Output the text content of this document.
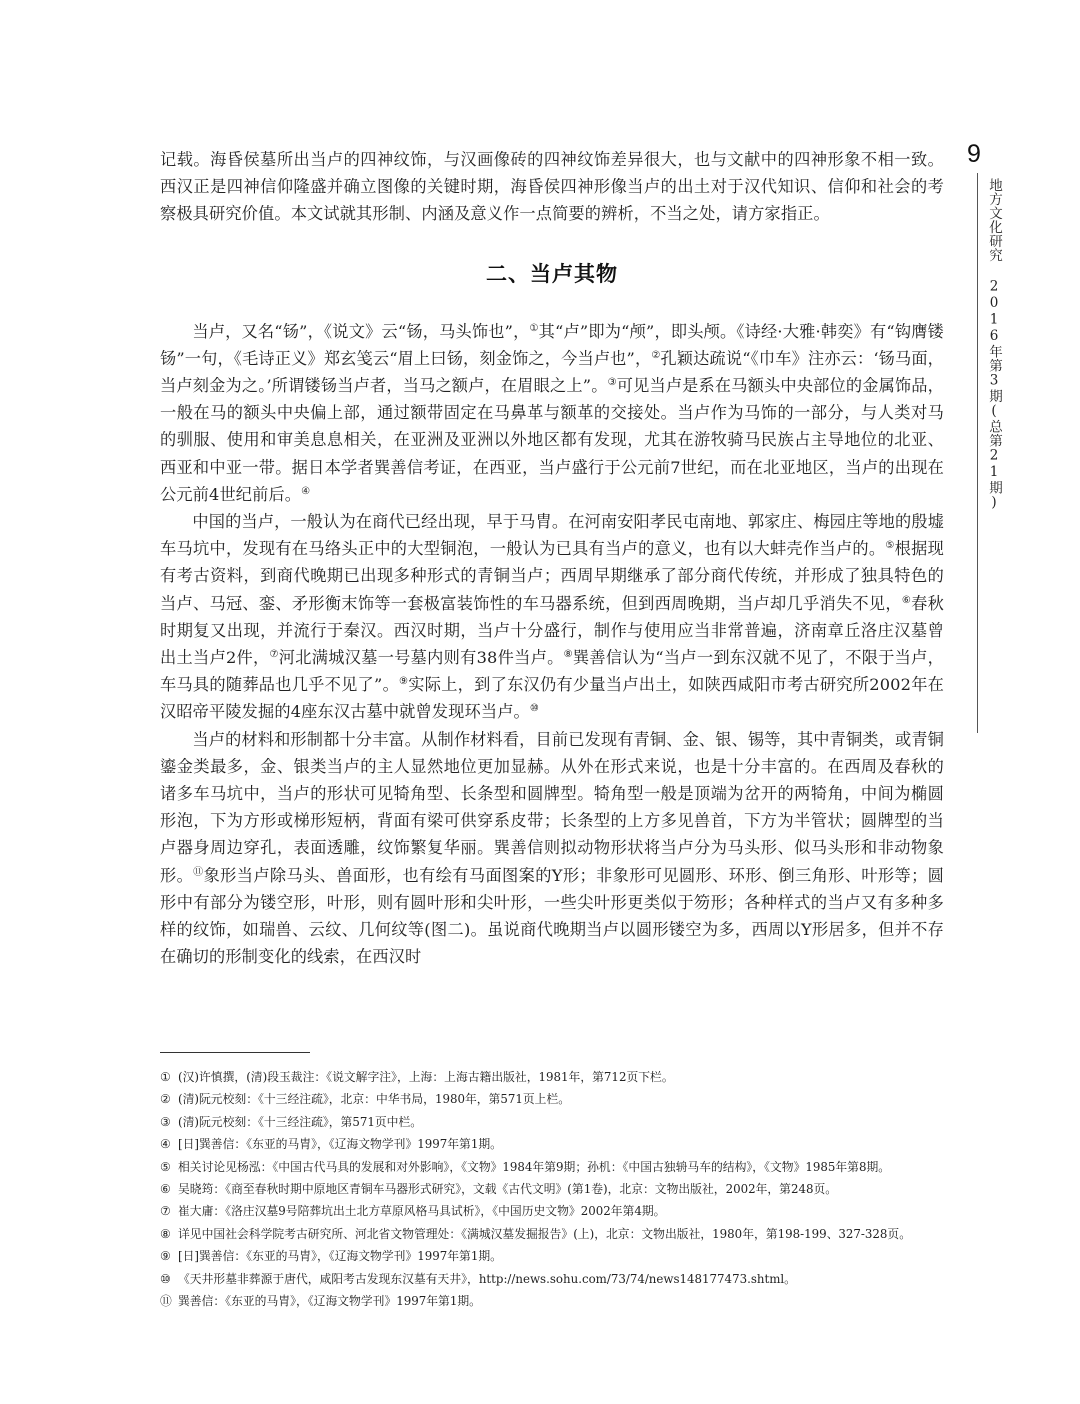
9
地方文化研究 2016年第3期(总第21期)

记载。海昏侯墓所出当卢的四神纹饰，与汉画像砖的四神纹饰差异很大，也与文献中的四神形象不相一致。西汉正是四神信仰隆盛并确立图像的关键时期，海昏侯四神形像当卢的出土对于汉代知识、信仰和社会的考察极具研究价值。本文试就其形制、内涵及意义作一点简要的辨析，不当之处，请方家指正。

二、当卢其物

当卢，又名“钖”，《说文》云“钖，马头饰也”，①其“卢”即为“颅”，即头颅。《诗经·大雅·韩奕》有“钩膺镂钖”一句，《毛诗正义》郑玄笺云“眉上曰钖，刻金饰之，今当卢也”，②孔颖达疏说“《巾车》注亦云：‘钖马面，当卢刻金为之。’所谓镂钖当卢者，当马之额卢，在眉眼之上”。③可见当卢是系在马额头中央部位的金属饰品，一般在马的额头中央偏上部，通过额带固定在马鼻革与额革的交接处。当卢作为马饰的一部分，与人类对马的驯服、使用和审美息息相关，在亚洲及亚洲以外地区都有发现，尤其在游牧骑马民族占主导地位的北亚、西亚和中亚一带。据日本学者巽善信考证，在西亚，当卢盛行于公元前7世纪，而在北亚地区，当卢的出现在公元前4世纪前后。④

中国的当卢，一般认为在商代已经出现，早于马胄。在河南安阳孝民屯南地、郭家庄、梅园庄等地的殷墟车马坑中，发现有在马络头正中的大型铜泡，一般认为已具有当卢的意义，也有以大蚌壳作当卢的。⑤根据现有考古资料，到商代晚期已出现多种形式的青铜当卢；西周早期继承了部分商代传统，并形成了独具特色的当卢、马冠、銮、矛形衡末饰等一套极富装饰性的车马器系统，但到西周晚期，当卢却几乎消失不见，⑥春秋时期复又出现，并流行于秦汉。西汉时期，当卢十分盛行，制作与使用应当非常普遍，济南章丘洛庄汉墓曾出土当卢2件，⑦河北满城汉墓一号墓内则有38件当卢。⑧巽善信认为“当卢一到东汉就不见了，不限于当卢，车马具的随葬品也几乎不见了”。⑨实际上，到了东汉仍有少量当卢出土，如陕西咸阳市考古研究所2002年在汉昭帝平陵发掘的4座东汉古墓中就曾发现环当卢。⑩

当卢的材料和形制都十分丰富。从制作材料看，目前已发现有青铜、金、银、锡等，其中青铜类，或青铜鎏金类最多，金、银类当卢的主人显然地位更加显赫。从外在形式来说，也是十分丰富的。在西周及春秋的诸多车马坑中，当卢的形状可见犄角型、长条型和圆牌型。犄角型一般是顶端为岔开的两犄角，中间为椭圆形泡，下为方形或梯形短柄，背面有梁可供穿系皮带；长条型的上方多见兽首，下方为半管状；圆牌型的当卢器身周边穿孔，表面透雕，纹饰繁复华丽。巽善信则拟动物形状将当卢分为马头形、似马头形和非动物象形。⑪象形当卢除马头、兽面形，也有绘有马面图案的Y形；非象形可见圆形、环形、倒三角形、叶形等；圆形中有部分为镂空形，叶形，则有圆叶形和尖叶形，一些尖叶形更类似于笏形；各种样式的当卢又有多种多样的纹饰，如瑞兽、云纹、几何纹等(图二)。虽说商代晚期当卢以圆形镂空为多，西周以Y形居多，但并不存在确切的形制变化的线索，在西汉时

① (汉)许慎撰，(清)段玉裁注：《说文解字注》，上海：上海古籍出版社，1981年，第712页下栏。

② (清)阮元校刻：《十三经注疏》，北京：中华书局，1980年，第571页上栏。

③ (清)阮元校刻：《十三经注疏》，第571页中栏。

④ [日]巽善信：《东亚的马胄》，《辽海文物学刊》1997年第1期。

⑤ 相关讨论见杨泓：《中国古代马具的发展和对外影响》，《文物》1984年第9期；孙机：《中国古独辀马车的结构》，《文物》1985年第8期。

⑥ 吴晓筠：《商至春秋时期中原地区青铜车马器形式研究》，文载《古代文明》(第1卷)，北京：文物出版社，2002年，第248页。

⑦ 崔大庸：《洛庄汉墓9号陪葬坑出土北方草原风格马具试析》，《中国历史文物》2002年第4期。

⑧ 详见中国社会科学院考古研究所、河北省文物管理处：《满城汉墓发掘报告》(上)，北京：文物出版社，1980年，第198-199、327-328页。

⑨ [日]巽善信：《东亚的马胄》，《辽海文物学刊》1997年第1期。

⑩ 《天井形墓非葬源于唐代，咸阳考古发现东汉墓有天井》，http://news.sohu.com/73/74/news148177473.shtml。

⑪ 巽善信：《东亚的马胄》，《辽海文物学刊》1997年第1期。
